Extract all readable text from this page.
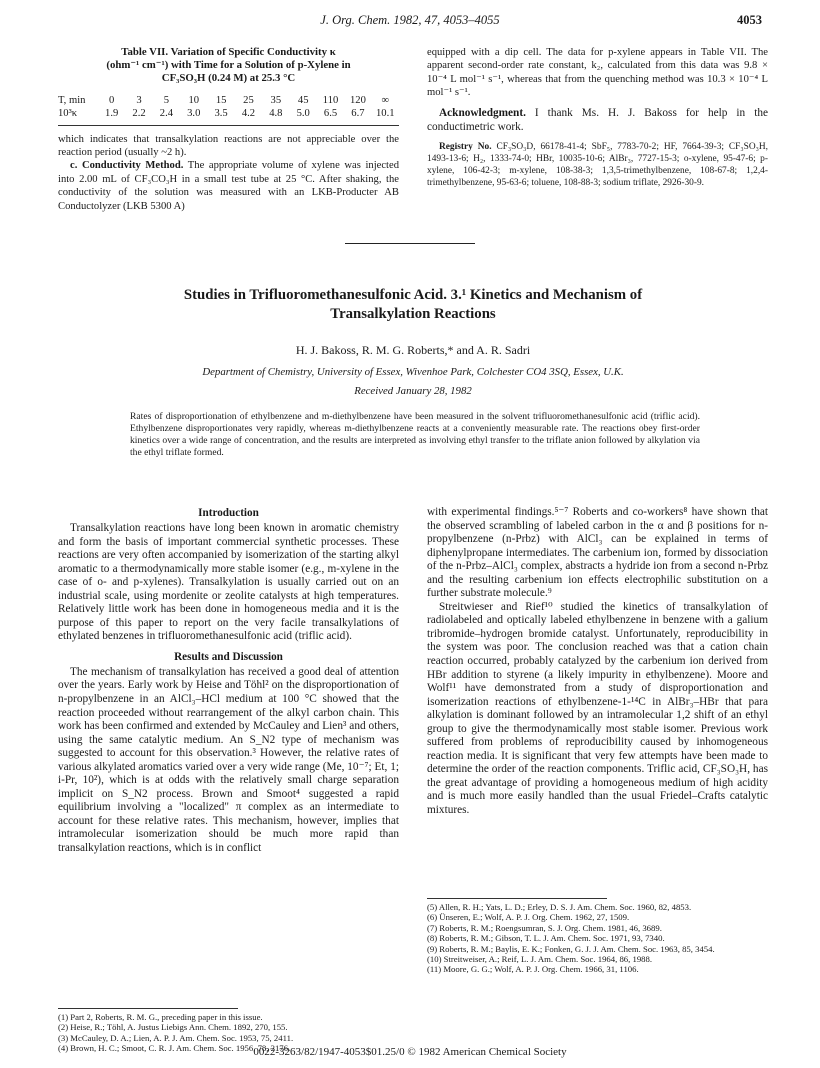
J. Org. Chem. 1982, 47, 4053–4055	4053
Table VII. Variation of Specific Conductivity κ
(ohm⁻¹ cm⁻¹) with Time for a Solution of p-Xylene in
CF₃SO₃H (0.24 M) at 25.3 °C
T, min	0	3	5	10	15	25	35	45	110	120	∞
10³κ	1.9	2.2	2.4	3.0	3.5	4.2	4.8	5.0	6.5	6.7	10.1
which indicates that transalkylation reactions are not appreciable over the reaction period (usually ~2 h).
c. Conductivity Method. The appropriate volume of xylene was injected into 2.00 mL of CF₃CO₃H in a small test tube at 25 °C. After shaking, the conductivity of the solution was measured with an LKB-Producter AB Conductolyzer (LKB 5300 A)
equipped with a dip cell. The data for p-xylene appears in Table VII. The apparent second-order rate constant, k₂, calculated from this data was 9.8 × 10⁻⁴ L mol⁻¹ s⁻¹, whereas that from the quenching method was 10.3 × 10⁻⁴ L mol⁻¹ s⁻¹.
Acknowledgment. I thank Ms. H. J. Bakoss for help in the conductimetric work.
Registry No. CF₃SO₃D, 66178-41-4; SbF₅, 7783-70-2; HF, 7664-39-3; CF₃SO₃H, 1493-13-6; H₂, 1333-74-0; HBr, 10035-10-6; AlBr₃, 7727-15-3; o-xylene, 95-47-6; p-xylene, 106-42-3; m-xylene, 108-38-3; 1,3,5-trimethylbenzene, 108-67-8; 1,2,4-trimethylbenzene, 95-63-6; toluene, 108-88-3; sodium triflate, 2926-30-9.
Studies in Trifluoromethanesulfonic Acid. 3.¹ Kinetics and Mechanism of
Transalkylation Reactions
H. J. Bakoss, R. M. G. Roberts,* and A. R. Sadri
Department of Chemistry, University of Essex, Wivenhoe Park, Colchester CO4 3SQ, Essex, U.K.
Received January 28, 1982
Rates of disproportionation of ethylbenzene and m-diethylbenzene have been measured in the solvent trifluoromethanesulfonic acid (triflic acid). Ethylbenzene disproportionates very rapidly, whereas m-diethylbenzene reacts at a conveniently measurable rate. The reactions obey first-order kinetics over a wide range of concentration, and the results are interpreted as involving ethyl transfer to the triflate anion followed by alkylation via the ethyl triflate formed.
Introduction
Transalkylation reactions have long been known in aromatic chemistry and form the basis of important commercial synthetic processes. These reactions are very often accompanied by isomerization of the starting alkyl aromatic to a thermodynamically more stable isomer (e.g., m-xylene in the case of o- and p-xylenes). Transalkylation is usually carried out on an industrial scale, using mordenite or zeolite catalysts at high temperatures. Relatively little work has been done in homogeneous media and it is the purpose of this paper to report on the very facile transalkylations of ethylated benzenes in trifluoromethanesulfonic acid (triflic acid).
Results and Discussion
The mechanism of transalkylation has received a good deal of attention over the years. Early work by Heise and Töhl² on the disproportionation of n-propylbenzene in an AlCl₃–HCl medium at 100 °C showed that the reaction proceeded without rearrangement of the alkyl carbon chain. This work has been confirmed and extended by McCauley and Lien³ and others, using the same catalytic medium. An S_N2 type of mechanism was suggested to account for this observation.³ However, the relative rates of various alkylated aromatics varied over a very wide range (Me, 10⁻⁷; Et, 1; i-Pr, 10²), which is at odds with the relatively small charge separation implicit on S_N2 process. Brown and Smoot⁴ suggested a rapid equilibrium involving a "localized" π complex as an intermediate to account for these relative rates. This mechanism, however, implies that intramolecular isomerization should be much more rapid than transalkylation reactions, which is in conflict
with experimental findings.⁵⁻⁷ Roberts and co-workers⁸ have shown that the observed scrambling of labeled carbon in the α and β positions for n-propylbenzene (n-Prbz) with AlCl₃ can be explained in terms of diphenylpropane intermediates. The carbenium ion, formed by dissociation of the n-Prbz–AlCl₃ complex, abstracts a hydride ion from a second n-Prbz and the resulting carbenium ion effects electrophilic substitution on a further substrate molecule.⁹
Streitwieser and Rief¹⁰ studied the kinetics of transalkylation of radiolabeled and optically labeled ethylbenzene in benzene with a galium tribromide–hydrogen bromide catalyst. Unfortunately, reproducibility in the system was poor. The conclusion reached was that a cation chain reaction occurred, probably catalyzed by the carbenium ion derived from HBr addition to styrene (a likely impurity in ethylbenzene). Moore and Wolf¹¹ have demonstrated from a study of disproportionation and isomerization reactions of ethylbenzene-1-¹⁴C in AlBr₃–HBr that para alkylation is dominant followed by an intramolecular 1,2 shift of an ethyl group to give the thermodynamically most stable isomer. Previous work suffered from problems of reproducibility caused by inhomogeneous reaction media. It is significant that very few attempts have been made to determine the order of the reaction components. Triflic acid, CF₃SO₃H, has the great advantage of providing a homogeneous medium of high acidity and is much more easily handled than the usual Friedel–Crafts catalytic mixtures.
(1) Part 2, Roberts, R. M. G., preceding paper in this issue.
(2) Heise, R.; Töhl, A. Justus Liebigs Ann. Chem. 1892, 270, 155.
(3) McCauley, D. A.; Lien, A. P. J. Am. Chem. Soc. 1953, 75, 2411.
(4) Brown, H. C.; Smoot, C. R. J. Am. Chem. Soc. 1956, 78, 2176.
(5) Allen, R. H.; Yats, L. D.; Erley, D. S. J. Am. Chem. Soc. 1960, 82, 4853.
(6) Ünseren, E.; Wolf, A. P. J. Org. Chem. 1962, 27, 1509.
(7) Roberts, R. M.; Roengsumran, S. J. Org. Chem. 1981, 46, 3689.
(8) Roberts, R. M.; Gibson, T. L. J. Am. Chem. Soc. 1971, 93, 7340.
(9) Roberts, R. M.; Baylis, E. K.; Fonken, G. J. J. Am. Chem. Soc. 1963, 85, 3454.
(10) Streitweiser, A.; Reif, L. J. Am. Chem. Soc. 1964, 86, 1988.
(11) Moore, G. G.; Wolf, A. P. J. Org. Chem. 1966, 31, 1106.
0022-3263/82/1947-4053$01.25/0 © 1982 American Chemical Society
